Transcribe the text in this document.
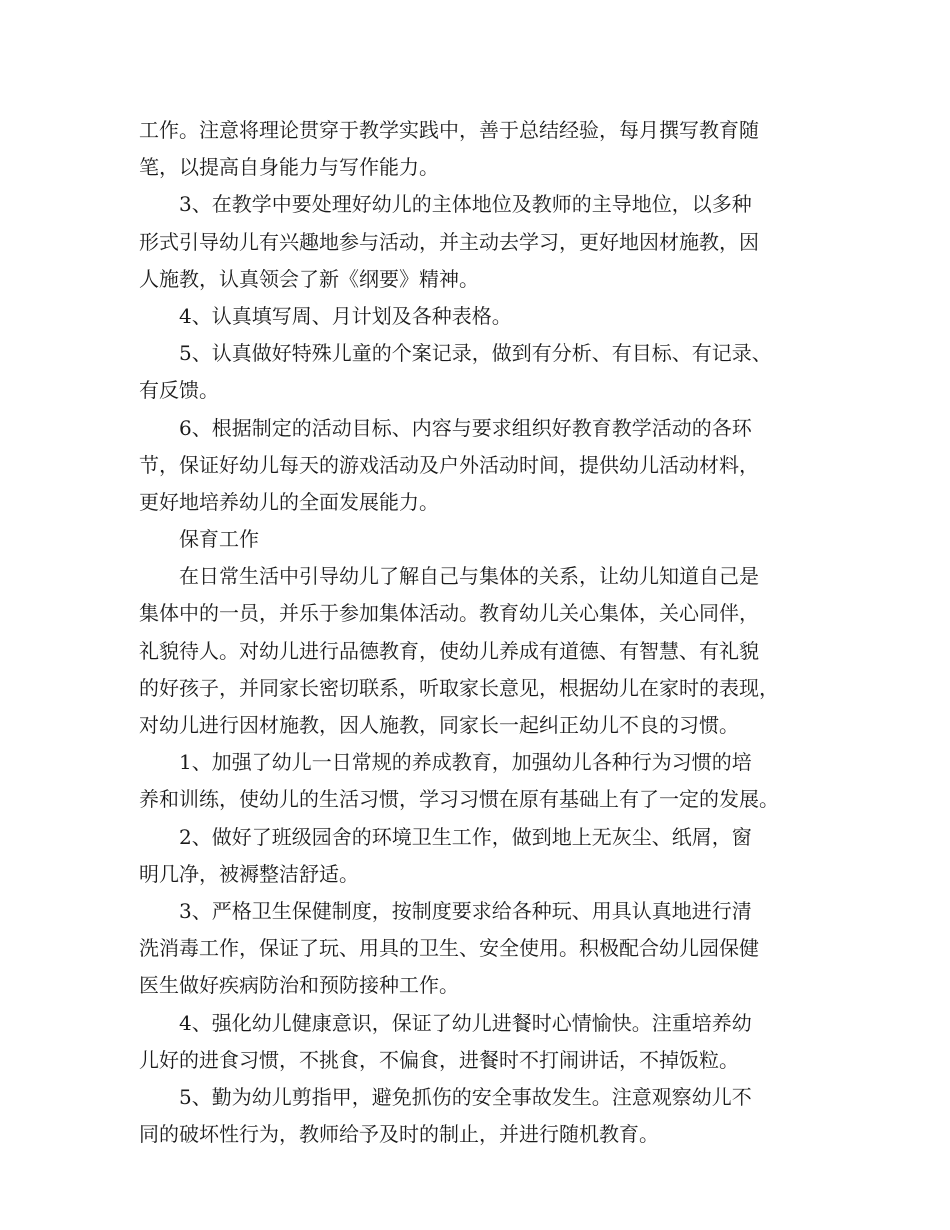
工作。注意将理论贯穿于教学实践中，善于总结经验，每月撰写教育随
笔，以提高自身能力与写作能力。
3、在教学中要处理好幼儿的主体地位及教师的主导地位，以多种
形式引导幼儿有兴趣地参与活动，并主动去学习，更好地因材施教，因
人施教，认真领会了新《纲要》精神。
4、认真填写周、月计划及各种表格。
5、认真做好特殊儿童的个案记录，做到有分析、有目标、有记录、
有反馈。
6、根据制定的活动目标、内容与要求组织好教育教学活动的各环
节，保证好幼儿每天的游戏活动及户外活动时间，提供幼儿活动材料，
更好地培养幼儿的全面发展能力。
保育工作
在日常生活中引导幼儿了解自己与集体的关系，让幼儿知道自己是
集体中的一员，并乐于参加集体活动。教育幼儿关心集体，关心同伴，
礼貌待人。对幼儿进行品德教育，使幼儿养成有道德、有智慧、有礼貌
的好孩子，并同家长密切联系，听取家长意见，根据幼儿在家时的表现，
对幼儿进行因材施教，因人施教，同家长一起纠正幼儿不良的习惯。
1、加强了幼儿一日常规的养成教育，加强幼儿各种行为习惯的培
养和训练，使幼儿的生活习惯，学习习惯在原有基础上有了一定的发展。
2、做好了班级园舍的环境卫生工作，做到地上无灰尘、纸屑，窗
明几净，被褥整洁舒适。
3、严格卫生保健制度，按制度要求给各种玩、用具认真地进行清
洗消毒工作，保证了玩、用具的卫生、安全使用。积极配合幼儿园保健
医生做好疾病防治和预防接种工作。
4、强化幼儿健康意识，保证了幼儿进餐时心情愉快。注重培养幼
儿好的进食习惯，不挑食，不偏食，进餐时不打闹讲话，不掉饭粒。
5、勤为幼儿剪指甲，避免抓伤的安全事故发生。注意观察幼儿不
同的破坏性行为，教师给予及时的制止，并进行随机教育。
